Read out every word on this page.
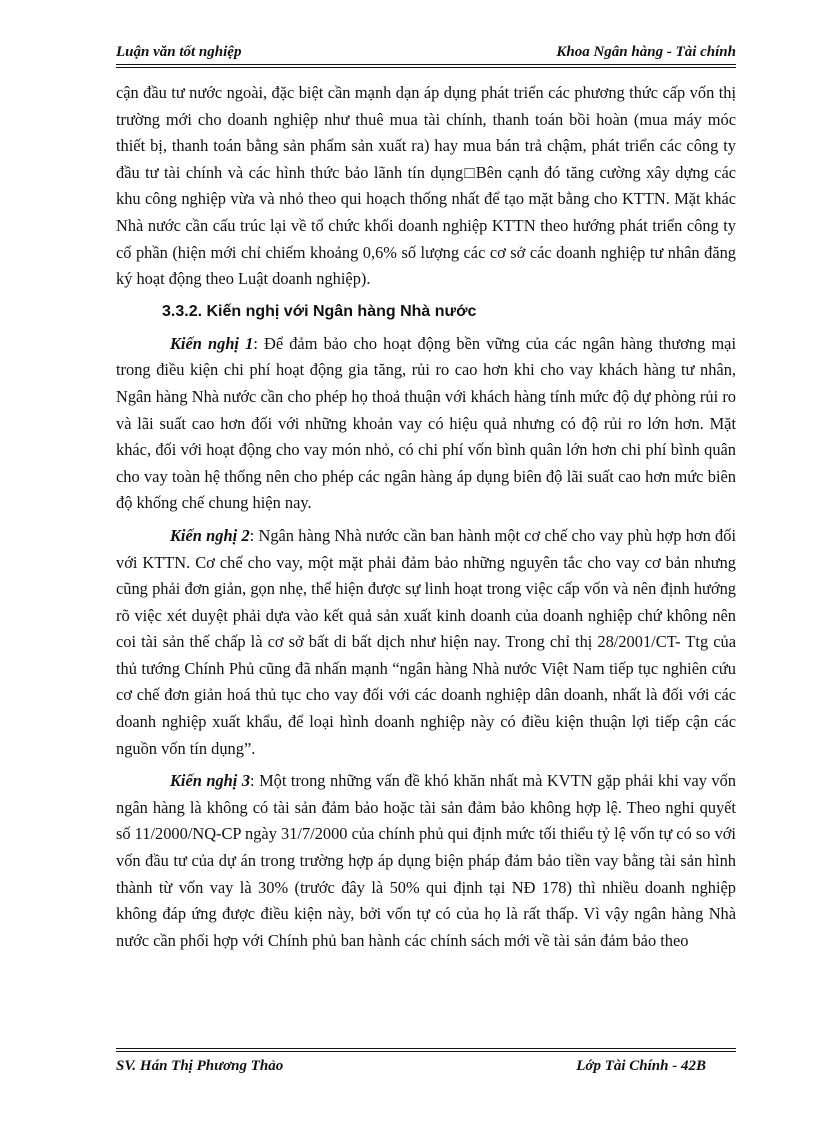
Luận văn tốt nghiệp	Khoa Ngân hàng - Tài chính

cận đầu tư nước ngoài, đặc biệt cần mạnh dạn áp dụng phát triển các phương thức cấp vốn thị trường mới cho doanh nghiệp như thuê mua tài chính, thanh toán bồi hoàn (mua máy móc thiết bị, thanh toán bằng sản phẩm sản xuất ra) hay mua bán trả chậm, phát triển các công ty đầu tư tài chính và các hình thức bảo lãnh tín dụng□Bên cạnh đó tăng cường xây dựng các khu công nghiệp vừa và nhỏ theo qui hoạch thống nhất để tạo mặt bằng cho KTTN. Mặt khác Nhà nước cần cấu trúc lại về tổ chức khối doanh nghiệp KTTN theo hướng phát triển công ty cổ phần (hiện mới chỉ chiếm khoảng 0,6% số lượng các cơ sở các doanh nghiệp tư nhân đăng ký hoạt động theo Luật doanh nghiệp).

3.3.2. Kiến nghị với Ngân hàng Nhà nước

Kiến nghị 1: Để đảm bảo cho hoạt động bền vững của các ngân hàng thương mại trong điều kiện chi phí hoạt động gia tăng, rủi ro cao hơn khi cho vay khách hàng tư nhân, Ngân hàng Nhà nước cần cho phép họ thoả thuận với khách hàng tính mức độ dự phòng rủi ro và lãi suất cao hơn đối với những khoản vay có hiệu quả nhưng có độ rủi ro lớn hơn. Mặt khác, đối với hoạt động cho vay món nhỏ, có chi phí vốn bình quân lớn hơn chi phí bình quân cho vay toàn hệ thống nên cho phép các ngân hàng áp dụng biên độ lãi suất cao hơn mức biên độ khống chế chung hiện nay.

Kiến nghị 2: Ngân hàng Nhà nước cần ban hành một cơ chế cho vay phù hợp hơn đối với KTTN. Cơ chế cho vay, một mặt phải đảm bảo những nguyên tắc cho vay cơ bản nhưng cũng phải đơn giản, gọn nhẹ, thể hiện được sự linh hoạt trong việc cấp vốn và nên định hướng rõ việc xét duyệt phải dựa vào kết quả sản xuất kinh doanh của doanh nghiệp chứ không nên coi tài sản thế chấp là cơ sở bất di bất dịch như hiện nay. Trong chỉ thị 28/2001/CT- Ttg của thủ tướng Chính Phủ cũng đã nhấn mạnh “ngân hàng Nhà nước Việt Nam tiếp tục nghiên cứu cơ chế đơn giản hoá thủ tục cho vay đối với các doanh nghiệp dân doanh, nhất là đối với các doanh nghiệp xuất khẩu, để loại hình doanh nghiệp này có điều kiện thuận lợi tiếp cận các nguồn vốn tín dụng”.

Kiến nghị 3: Một trong những vấn đề khó khăn nhất mà KVTN gặp phải khi vay vốn ngân hàng là không có tài sản đảm bảo hoặc tài sản đảm bảo không hợp lệ. Theo nghi quyết số 11/2000/NQ-CP ngày 31/7/2000 của chính phủ qui định mức tối thiểu tỷ lệ vốn tự có so với vốn đầu tư của dự án trong trường hợp áp dụng biện pháp đảm bảo tiền vay bằng tài sản hình thành từ vốn vay là 30% (trước đây là 50% qui định tại NĐ 178) thì nhiều doanh nghiệp không đáp ứng được điều kiện này, bởi vốn tự có của họ là rất thấp. Vì vậy ngân hàng Nhà nước cần phối hợp với Chính phủ ban hành các chính sách mới về tài sản đảm bảo theo

SV. Hán Thị Phương Thảo	Lớp Tài Chính - 42B
